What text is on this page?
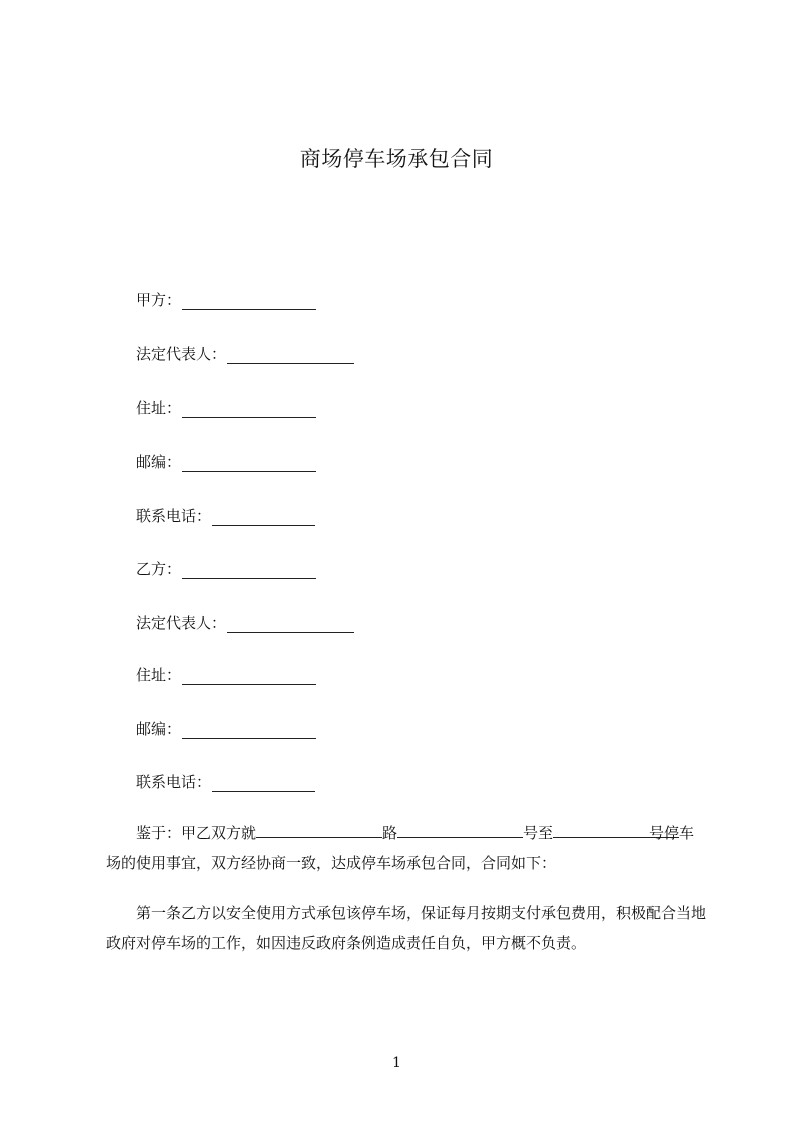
商场停车场承包合同
甲方：
法定代表人：
住址：
邮编：
联系电话：
乙方：
法定代表人：
住址：
邮编：
联系电话：
鉴于：甲乙双方就	路	号至	号停车场的使用事宜，双方经协商一致，达成停车场承包合同，合同如下：
第一条乙方以安全使用方式承包该停车场，保证每月按期支付承包费用，积极配合当地政府对停车场的工作，如因违反政府条例造成责任自负，甲方概不负责。
1
